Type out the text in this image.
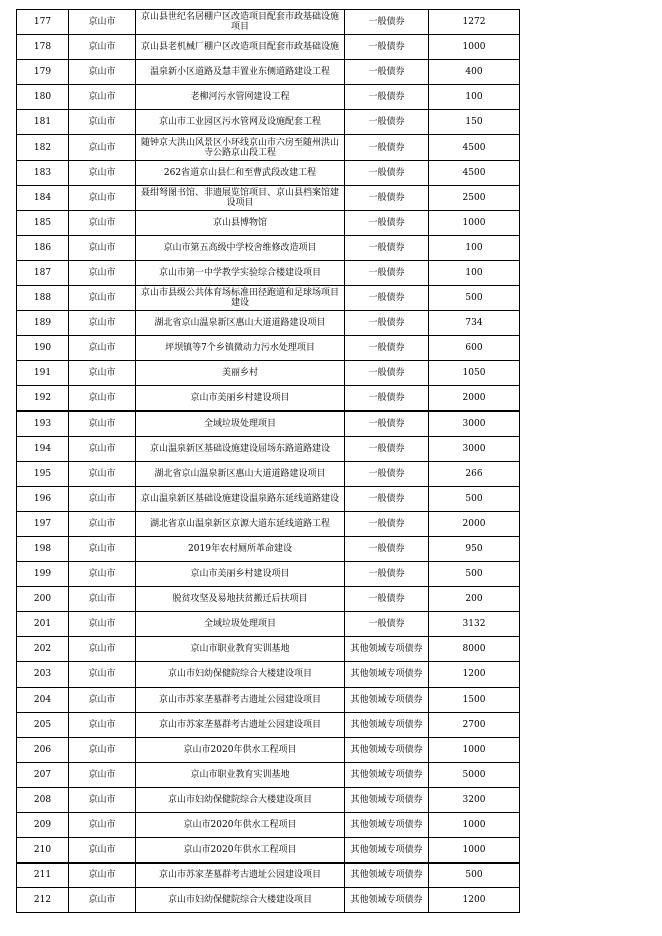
177	京山市	京山县世纪名居棚户区改造项目配套市政基础设施项目	一般债券	1272
178	京山市	京山县老机械厂棚户区改造项目配套市政基础设施	一般债券	1000
179	京山市	温泉新小区道路及慧丰置业东侧道路建设工程	一般债券	400
180	京山市	老柳河污水管网建设工程	一般债券	100
181	京山市	京山市工业园区污水管网及设施配套工程	一般债券	150
182	京山市	随钟京大洪山风景区小环线京山市六房至随州洪山寺公路京山段工程	一般债券	4500
183	京山市	262省道京山县仁和至曹武段改建工程	一般债券	4500
184	京山市	聂绀弩图书馆、非遗展览馆项目、京山县档案馆建设项目	一般债券	2500
185	京山市	京山县博物馆	一般债券	1000
186	京山市	京山市第五高级中学校舍维修改造项目	一般债券	100
187	京山市	京山市第一中学教学实验综合楼建设项目	一般债券	100
188	京山市	京山市县级公共体育场标准田径跑道和足球场项目建设	一般债券	500
189	京山市	湖北省京山温泉新区惠山大道道路建设项目	一般债券	734
190	京山市	坪坝镇等7个乡镇微动力污水处理项目	一般债券	600
191	京山市	美丽乡村	一般债券	1050
192	京山市	京山市美丽乡村建设项目	一般债券	2000
193	京山市	全域垃圾处理项目	一般债券	3000
194	京山市	京山温泉新区基础设施建设屈场东路道路建设	一般债券	3000
195	京山市	湖北省京山温泉新区惠山大道道路建设项目	一般债券	266
196	京山市	京山温泉新区基础设施建设温泉路东延线道路建设	一般债券	500
197	京山市	湖北省京山温泉新区京源大道东延线道路工程	一般债券	2000
198	京山市	2019年农村厕所革命建设	一般债券	950
199	京山市	京山市美丽乡村建设项目	一般债券	500
200	京山市	脱贫攻坚及易地扶贫搬迁后扶项目	一般债券	200
201	京山市	全域垃圾处理项目	一般债券	3132
202	京山市	京山市职业教育实训基地	其他领域专项债券	8000
203	京山市	京山市妇幼保健院综合大楼建设项目	其他领域专项债券	1200
204	京山市	京山市苏家垄墓群考古遗址公园建设项目	其他领域专项债券	1500
205	京山市	京山市苏家垄墓群考古遗址公园建设项目	其他领域专项债券	2700
206	京山市	京山市2020年供水工程项目	其他领域专项债券	1000
207	京山市	京山市职业教育实训基地	其他领域专项债券	5000
208	京山市	京山市妇幼保健院综合大楼建设项目	其他领域专项债券	3200
209	京山市	京山市2020年供水工程项目	其他领域专项债券	1000
210	京山市	京山市2020年供水工程项目	其他领域专项债券	1000
211	京山市	京山市苏家垄墓群考古遗址公园建设项目	其他领域专项债券	500
212	京山市	京山市妇幼保健院综合大楼建设项目	其他领域专项债券	1200
